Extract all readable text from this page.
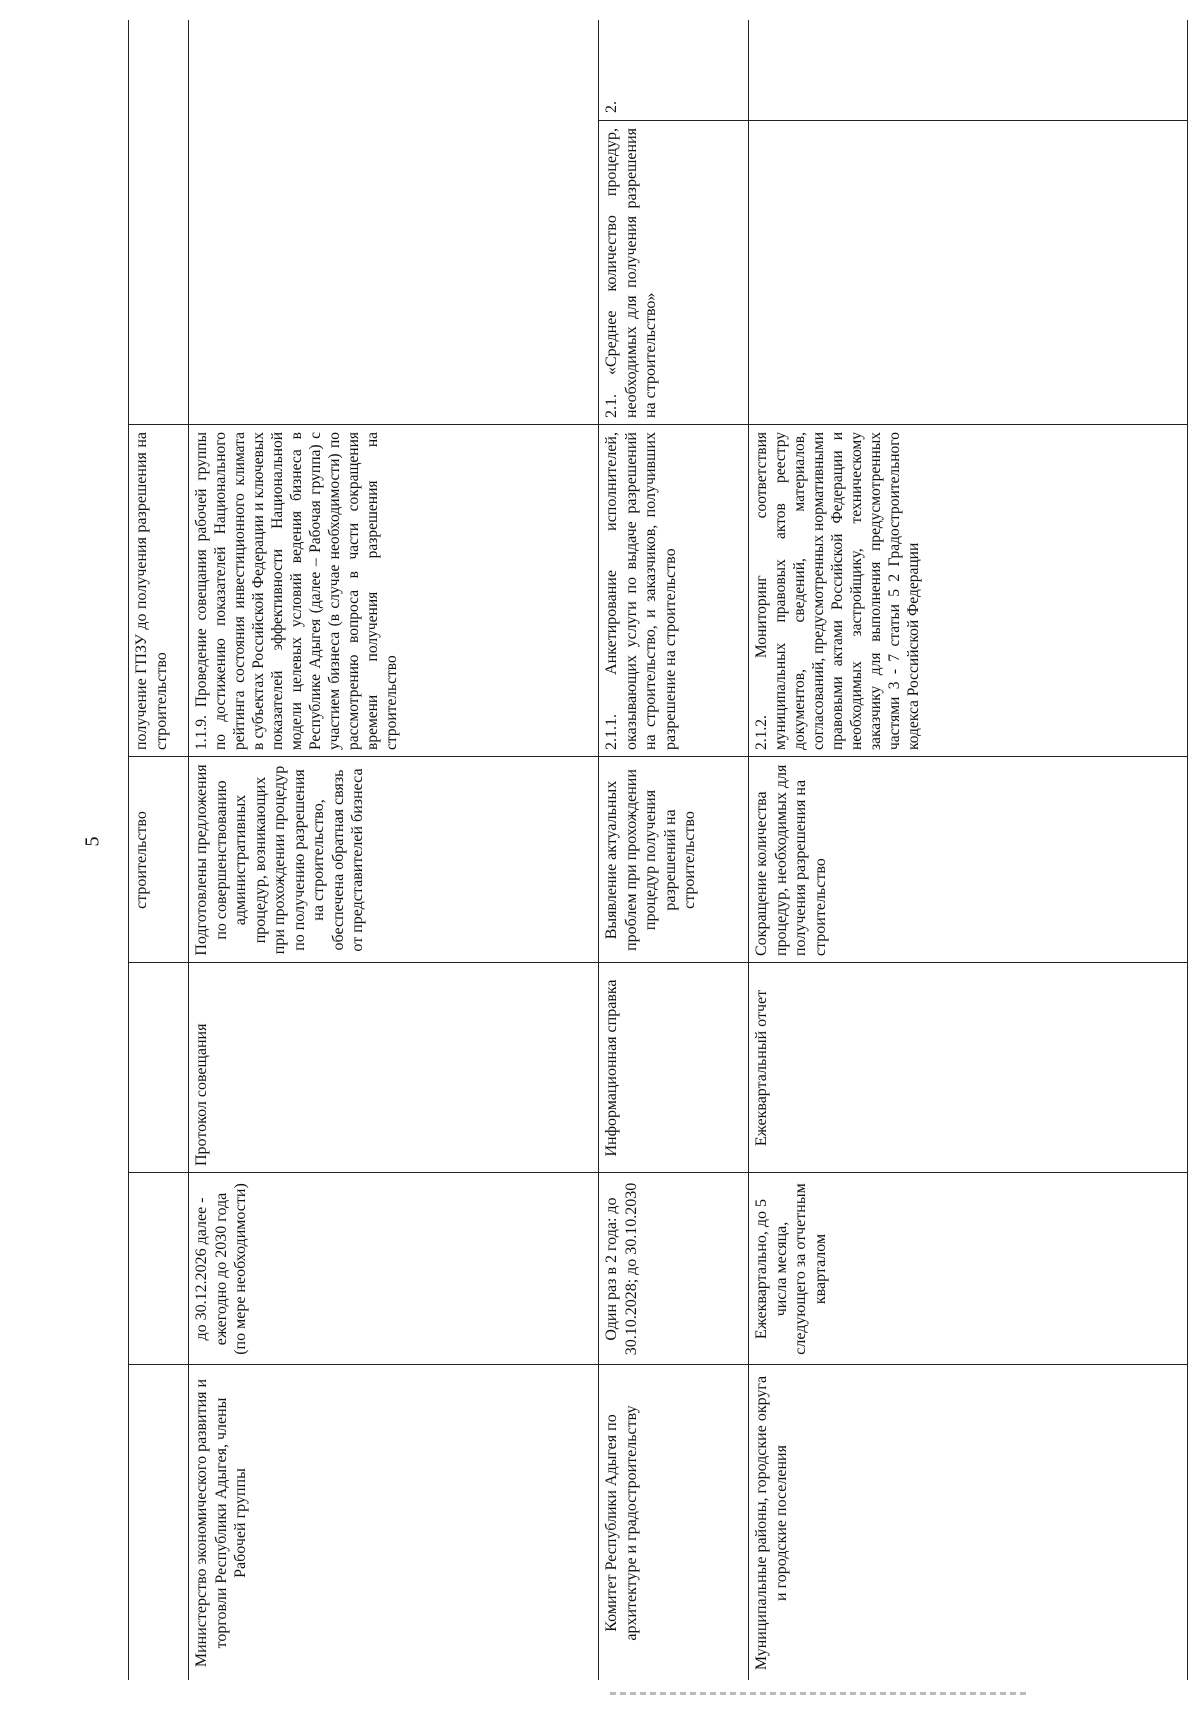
5
получение ГПЗУ до получения разрешения на строительство
строительство
1.1.9. Проведение совещания рабочей группы по достижению показателей Национального рейтинга состояния инвестиционного климата в субъектах Российской Федерации и ключевых показателей эффективности Национальной модели целевых условий ведения бизнеса в Республике Адыгея (далее – Рабочая группа) с участием бизнеса (в случае необходимости) по рассмотрению вопроса в части сокращения времени получения разрешения на строительство
Подготовлены предложения по совершенствованию административных процедур, возникающих при прохождении процедур по получению разрешения на строительство, обеспечена обратная связь от представителей бизнеса
Протокол совещания
до 30.12.2026 далее - ежегодно до 2030 года (по мере необходимости)
Министерство экономического развития и торговли Республики Адыгея, члены Рабочей группы
2.
2.1. «Среднее количество процедур, необходимых для получения разрешения на строительство»
2.1.1. Анкетирование исполнителей, оказывающих услуги по выдаче разрешений на строительство, и заказчиков, получивших разрешение на строительство
Выявление актуальных проблем при прохождении процедур получения разрешений на строительство
Информационная справка
Один раз в 2 года: до 30.10.2028; до 30.10.2030
Комитет Республики Адыгея по архитектуре и градостроительству
2.1.2. Мониторинг соответствия муниципальных правовых актов реестру документов, сведений, материалов, согласований, предусмотренных нормативными правовыми актами Российской Федерации и необходимых застройщику, техническому заказчику для выполнения предусмотренных частями 3 - 7 статьи 5 2 Градостроительного кодекса Российской Федерации
Сокращение количества процедур, необходимых для получения разрешения на строительство
Ежеквартальный отчет
Ежеквартально, до 5 числа месяца, следующего за отчетным кварталом
Муниципальные районы, городские округа и городские поселения
